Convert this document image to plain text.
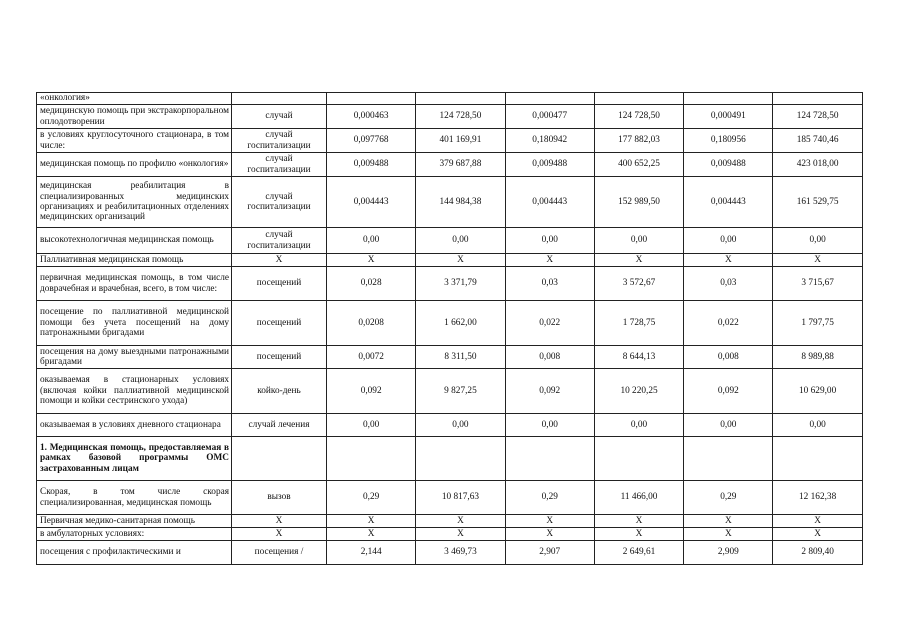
«онкология»							
медицинскую помощь при экстракорпоральном оплодотворении	случай	0,000463	124 728,50	0,000477	124 728,50	0,000491	124 728,50
в условиях круглосуточного стационара, в том числе:	случай госпитализации	0,097768	401 169,91	0,180942	177 882,03	0,180956	185 740,46
медицинская помощь по профилю «онкология»	случай госпитализации	0,009488	379 687,88	0,009488	400 652,25	0,009488	423 018,00
медицинская реабилитация в специализированных медицинских организациях и реабилитационных отделениях медицинских организаций	случай госпитализации	0,004443	144 984,38	0,004443	152 989,50	0,004443	161 529,75
высокотехнологичная медицинская помощь	случай госпитализации	0,00	0,00	0,00	0,00	0,00	0,00
Паллиативная медицинская помощь	X	X	X	X	X	X	X
первичная медицинская помощь, в том числе доврачебная и врачебная, всего, в том числе:	посещений	0,028	3 371,79	0,03	3 572,67	0,03	3 715,67
посещение по паллиативной медицинской помощи без учета посещений на дому патронажными бригадами	посещений	0,0208	1 662,00	0,022	1 728,75	0,022	1 797,75
посещения на дому выездными патронажными бригадами	посещений	0,0072	8 311,50	0,008	8 644,13	0,008	8 989,88
оказываемая в стационарных условиях (включая койки паллиативной медицинской помощи и койки сестринского ухода)	койко-день	0,092	9 827,25	0,092	10 220,25	0,092	10 629,00
оказываемая в условиях дневного стационара	случай лечения	0,00	0,00	0,00	0,00	0,00	0,00
1. Медицинская помощь, предоставляемая в рамках базовой программы ОМС застрахованным лицам							
Скорая, в том числе скорая специализированная, медицинская помощь	вызов	0,29	10 817,63	0,29	11 466,00	0,29	12 162,38
Первичная медико-санитарная помощь	X	X	X	X	X	X	X
в амбулаторных условиях:	X	X	X	X	X	X	X
посещения с профилактическими и	посещения /	2,144	3 469,73	2,907	2 649,61	2,909	2 809,40
